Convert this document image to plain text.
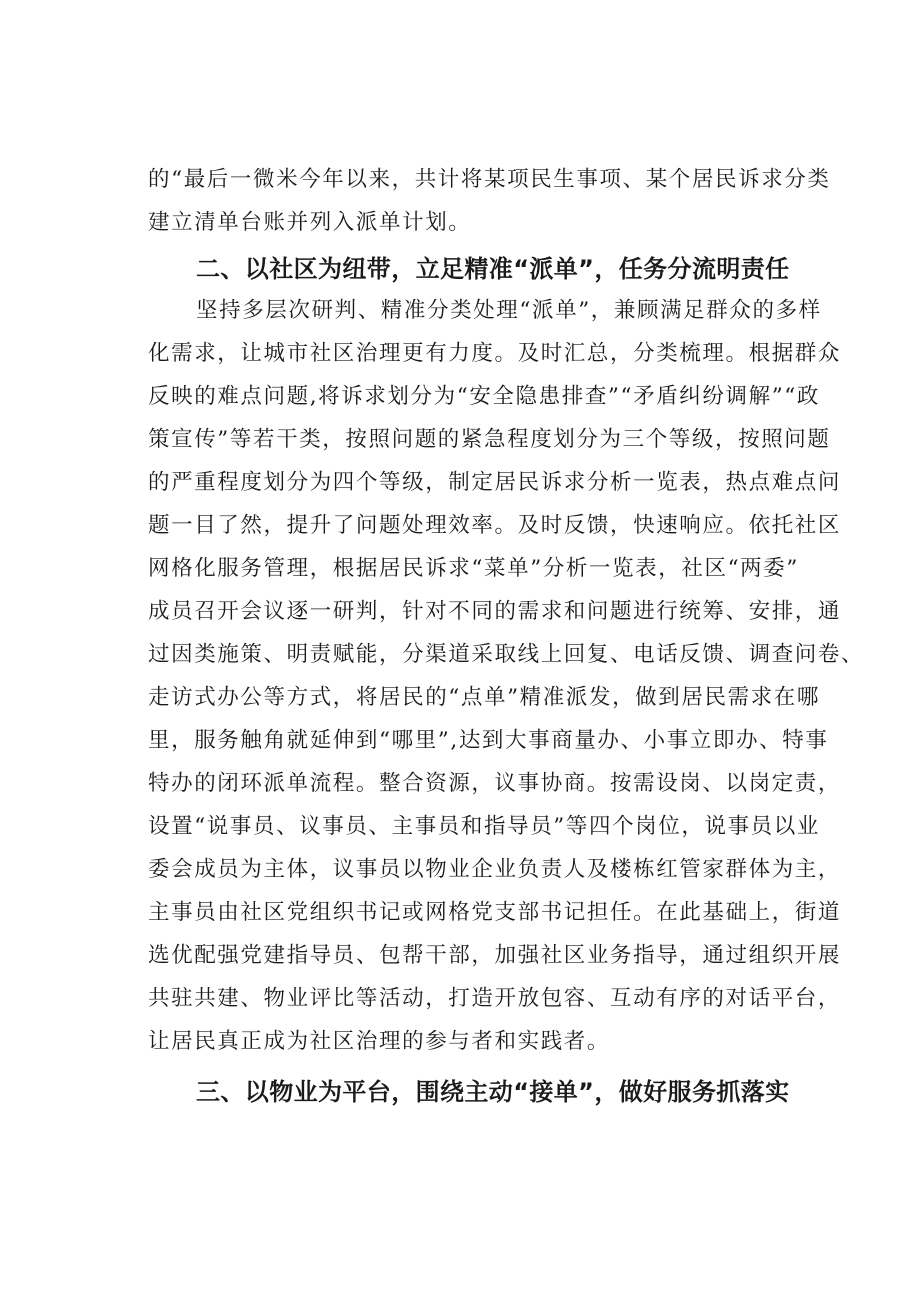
的“最后一微米今年以来，共计将某项民生事项、某个居民诉求分类
建立清单台账并列入派单计划。
二、以社区为纽带，立足精准“派单”，任务分流明责任
坚持多层次研判、精准分类处理“派单”，兼顾满足群众的多样
化需求，让城市社区治理更有力度。及时汇总，分类梳理。根据群众
反映的难点问题,将诉求划分为“安全隐患排查”“矛盾纠纷调解”“政
策宣传”等若干类，按照问题的紧急程度划分为三个等级，按照问题
的严重程度划分为四个等级，制定居民诉求分析一览表，热点难点问
题一目了然，提升了问题处理效率。及时反馈，快速响应。依托社区
网格化服务管理，根据居民诉求“菜单”分析一览表，社区“两委”
成员召开会议逐一研判，针对不同的需求和问题进行统筹、安排，通
过因类施策、明责赋能，分渠道采取线上回复、电话反馈、调查问卷、
走访式办公等方式，将居民的“点单”精准派发，做到居民需求在哪
里，服务触角就延伸到“哪里”,达到大事商量办、小事立即办、特事
特办的闭环派单流程。整合资源，议事协商。按需设岗、以岗定责，
设置“说事员、议事员、主事员和指导员”等四个岗位，说事员以业
委会成员为主体，议事员以物业企业负责人及楼栋红管家群体为主，
主事员由社区党组织书记或网格党支部书记担任。在此基础上，街道
选优配强党建指导员、包帮干部，加强社区业务指导，通过组织开展
共驻共建、物业评比等活动，打造开放包容、互动有序的对话平台，
让居民真正成为社区治理的参与者和实践者。
三、以物业为平台，围绕主动“接单”，做好服务抓落实
